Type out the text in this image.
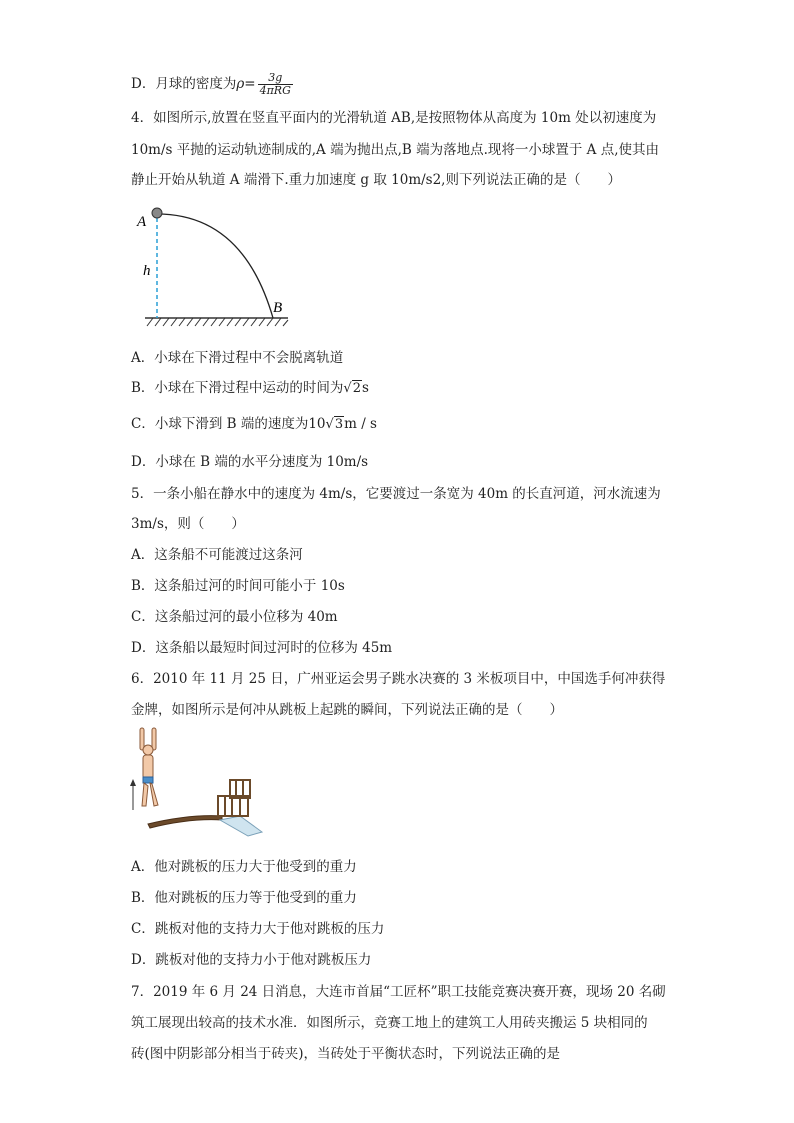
D．月球的密度为$\rho= \frac{3g}{\text{4πRG}}$
4．如图所示,放置在竖直平面内的光滑轨道 AB,是按照物体从高度为 10m 处以初速度为
10m/s 平抛的运动轨迹制成的,A 端为抛出点,B 端为落地点.现将一小球置于 A 点,使其由
静止开始从轨道 A 端滑下.重力加速度 g 取 10m/s2,则下列说法正确的是（　　）
A
h
B
A．小球在下滑过程中不会脱离轨道
B．小球在下滑过程中运动的时间为√2s
C．小球下滑到 B 端的速度为10√3m / s
D．小球在 B 端的水平分速度为 10m/s
5．一条小船在静水中的速度为 4m/s，它要渡过一条宽为 40m 的长直河道，河水流速为
3m/s，则（　　）
A．这条船不可能渡过这条河
B．这条船过河的时间可能小于 10s
C．这条船过河的最小位移为 40m
D．这条船以最短时间过河时的位移为 45m
6．2010 年 11 月 25 日，广州亚运会男子跳水决赛的 3 米板项目中，中国选手何冲获得
金牌，如图所示是何冲从跳板上起跳的瞬间，下列说法正确的是（　　）
A．他对跳板的压力大于他受到的重力
B．他对跳板的压力等于他受到的重力
C．跳板对他的支持力大于他对跳板的压力
D．跳板对他的支持力小于他对跳板压力
7．2019 年 6 月 24 日消息，大连市首届“工匠杯”职工技能竞赛决赛开赛，现场 20 名砌
筑工展现出较高的技术水准．如图所示，竞赛工地上的建筑工人用砖夹搬运 5 块相同的
砖(图中阴影部分相当于砖夹)，当砖处于平衡状态时，下列说法正确的是
